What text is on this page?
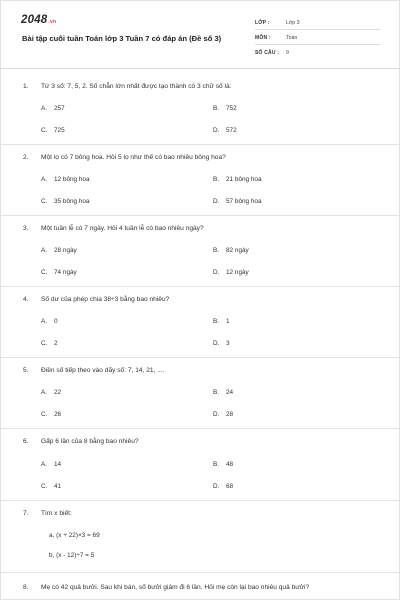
2048.vn
Bài tập cuối tuần Toán lớp 3 Tuần 7 có đáp án (Đề số 3)
LỚP :	Lớp 3
MÔN :	Toán
SỐ CÂU : 9
1. Từ 3 số: 7, 5, 2. Số chẵn lớn nhất được tạo thành có 3 chữ số là:
A. 257	B. 752
C. 725	D. 572
2. Một lọ có 7 bông hoa. Hỏi 5 lọ như thế có bao nhiêu bông hoa?
A. 12 bông hoa	B. 21 bông hoa
C. 35 bông hoa	D. 57 bông hoa
3. Một tuần lễ có 7 ngày. Hỏi 4 tuần lễ có bao nhiêu ngày?
A. 28 ngày	B. 82 ngày
C. 74 ngày	D. 12 ngày
4. Số dư của phép chia 38÷3 bằng bao nhiêu?
A. 0	B. 1
C. 2	D. 3
5. Điền số tiếp theo vào dãy số: 7, 14, 21, ....
A. 22	B. 24
C. 26	D. 28
6. Gấp 6 lần của 8 bằng bao nhiêu?
A. 14	B. 48
C. 41	D. 68
7. Tìm x biết:
a, (x + 22)×3 = 69
b, (x - 12)÷7 = 5
8. Mẹ có 42 quả bưởi. Sau khi bán, số bưởi giảm đi 6 lần. Hỏi mẹ còn lại bao nhiêu quả bưởi?
